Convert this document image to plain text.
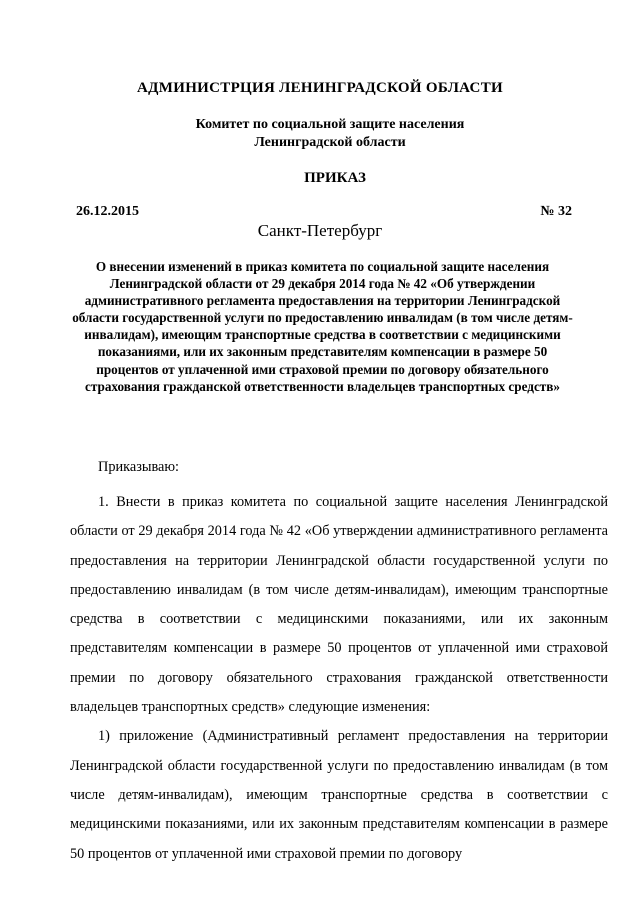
АДМИНИСТРЦИЯ ЛЕНИНГРАДСКОЙ ОБЛАСТИ
Комитет по социальной защите населения
Ленинградской области
ПРИКАЗ
26.12.2015	№ 32
Санкт-Петербург
О внесении изменений в приказ комитета по социальной защите населения Ленинградской области от 29 декабря 2014 года № 42 «Об утверждении административного регламента предоставления на территории Ленинградской области государственной услуги по предоставлению инвалидам (в том числе детям-инвалидам), имеющим транспортные средства в соответствии с медицинскими показаниями, или их законным представителям компенсации в размере 50 процентов от уплаченной ими страховой премии по договору обязательного страхования гражданской ответственности владельцев транспортных средств»

Приказываю:

1. Внести в приказ комитета по социальной защите населения Ленинградской области от 29 декабря 2014 года № 42 «Об утверждении административного регламента предоставления на территории Ленинградской области государственной услуги по предоставлению инвалидам (в том числе детям-инвалидам), имеющим транспортные средства в соответствии с медицинскими показаниями, или их законным представителям компенсации в размере 50 процентов от уплаченной ими страховой премии по договору обязательного страхования гражданской ответственности владельцев транспортных средств» следующие изменения:

1) приложение (Административный регламент предоставления на территории Ленинградской области государственной услуги по предоставлению инвалидам (в том числе детям-инвалидам), имеющим транспортные средства в соответствии с медицинскими показаниями, или их законным представителям компенсации в размере 50 процентов от уплаченной ими страховой премии по договору
